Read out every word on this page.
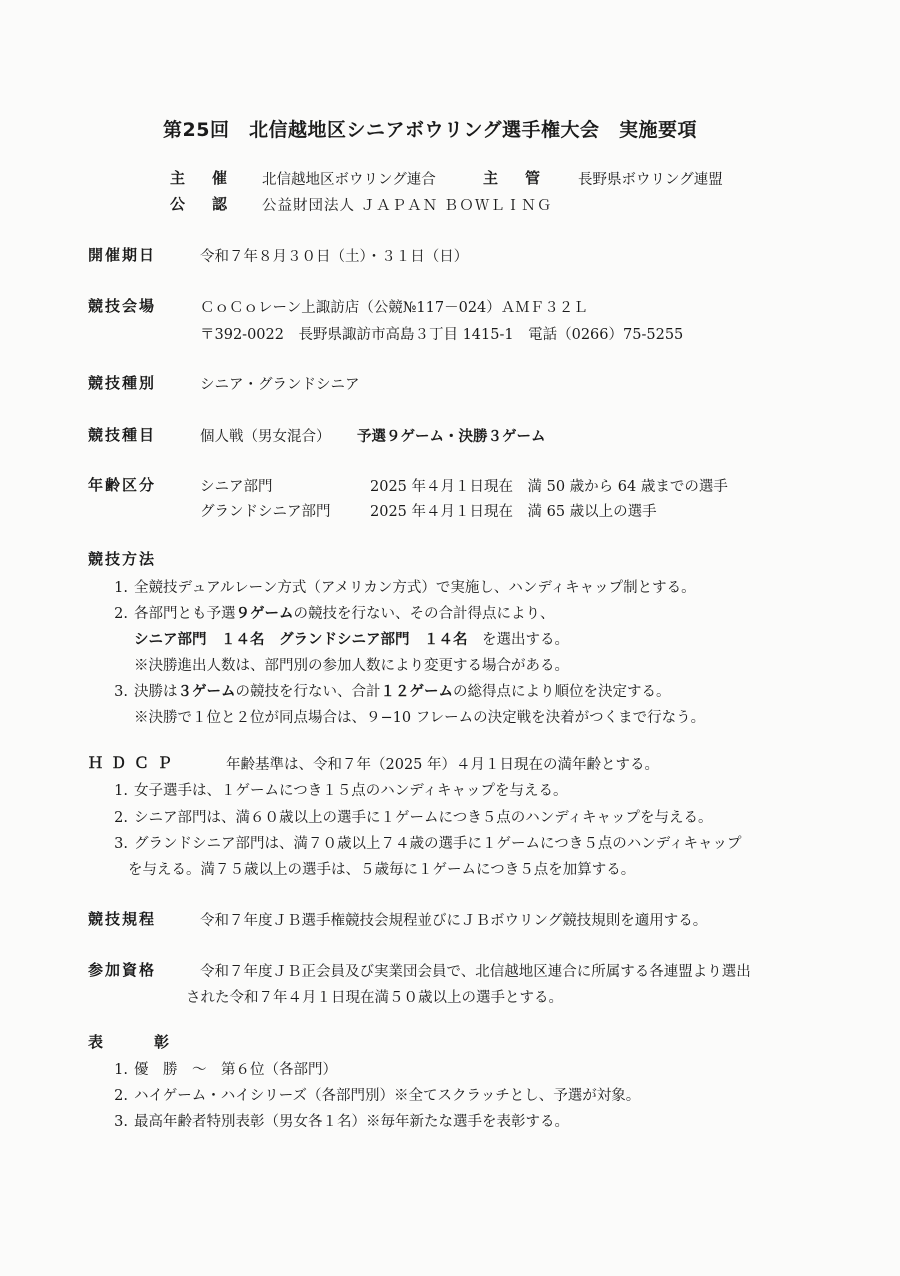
第25回　北信越地区シニアボウリング選手権大会　実施要項
主　催 北信越地区ボウリング連合	主　管 長野県ボウリング連盟
公　認 公益財団法人 ＪＡＰＡＮ ＢＯＷＬＩＮＧ
開催期日	令和７年８月３０日（土）・３１日（日）
競技会場	ＣｏＣｏレーン上諏訪店（公競№117－024）ＡＭＦ３２Ｌ
〒392-0022　長野県諏訪市高島３丁目 1415-1　電話（0266）75-5255
競技種別	シニア・グランドシニア
競技種目	個人戦（男女混合） 予選９ゲーム・決勝３ゲーム
年齢区分	シニア部門	2025 年４月１日現在　満 50 歳から 64 歳までの選手
グランドシニア部門	2025 年４月１日現在　満 65 歳以上の選手
競技方法
1. 全競技デュアルレーン方式（アメリカン方式）で実施し、ハンディキャップ制とする。
2. 各部門とも予選９ゲームの競技を行ない、その合計得点により、
シニア部門　１４名　グランドシニア部門　１４名　 を選出する。
※決勝進出人数は、部門別の参加人数により変更する場合がある。
3. 決勝は３ゲームの競技を行ない、合計１２ゲームの総得点により順位を決定する。
※決勝で１位と２位が同点場合は、９−10 フレームの決定戦を決着がつくまで行なう。
ＨＤＣＰ	年齢基準は、令和７年（2025 年）４月１日現在の満年齢とする。
1. 女子選手は、１ゲームにつき１５点のハンディキャップを与える。
2. シニア部門は、満６０歳以上の選手に１ゲームにつき５点のハンディキャップを与える。
3. グランドシニア部門は、満７０歳以上７４歳の選手に１ゲームにつき５点のハンディキャップ
を与える。満７５歳以上の選手は、５歳毎に１ゲームにつき５点を加算する。
競技規程	令和７年度ＪＢ選手権競技会規程並びにＪＢボウリング競技規則を適用する。
参加資格	令和７年度ＪＢ正会員及び実業団会員で、北信越地区連合に所属する各連盟より選出
された令和７年４月１日現在満５０歳以上の選手とする。
表　彰
1. 優　勝　～　第６位（各部門）
2. ハイゲーム・ハイシリーズ（各部門別）※全てスクラッチとし、予選が対象。
3. 最高年齢者特別表彰（男女各１名）※毎年新たな選手を表彰する。
